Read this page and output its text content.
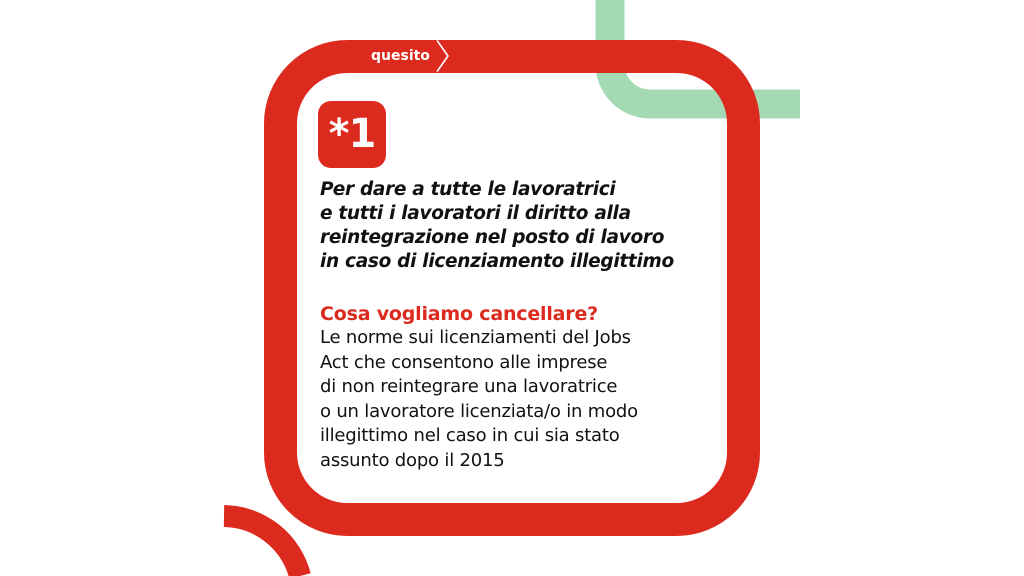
quesito
*1
Per dare a tutte le lavoratrici
e tutti i lavoratori il diritto alla
reintegrazione nel posto di lavoro
in caso di licenziamento illegittimo
Cosa vogliamo cancellare?
Le norme sui licenziamenti del Jobs
Act che consentono alle imprese
di non reintegrare una lavoratrice
o un lavoratore licenziata/o in modo
illegittimo nel caso in cui sia stato
assunto dopo il 2015
